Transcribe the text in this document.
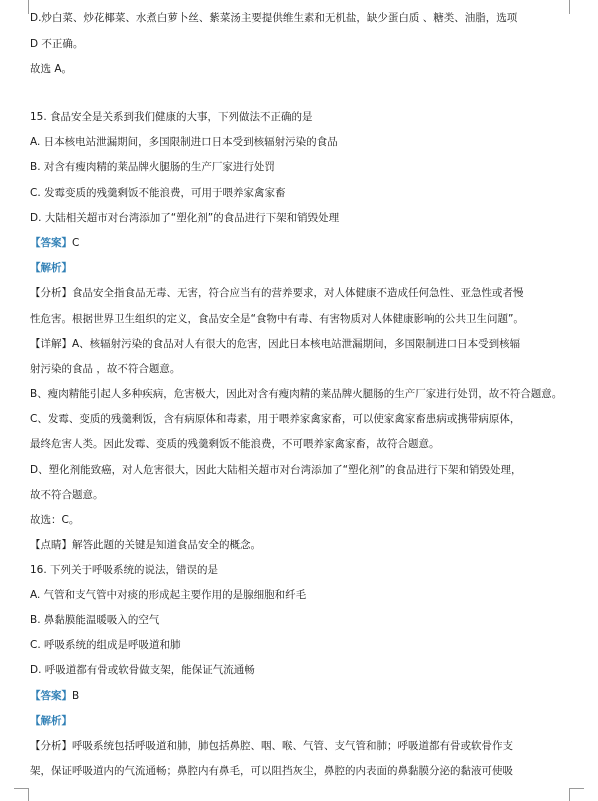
D.炒白菜、炒花椰菜、水煮白萝卜丝、紫菜汤主要提供维生素和无机盐，缺少蛋白质 、糖类、油脂，选项
D 不正确。
故选 A。
15. 食品安全是关系到我们健康的大事，下列做法不正确的是
A. 日本核电站泄漏期间，多国限制进口日本受到核辐射污染的食品
B. 对含有瘦肉精的莱品牌火腿肠的生产厂家进行处罚
C. 发霉变质的残羹剩饭不能浪费，可用于喂养家禽家畜
D. 大陆相关超市对台湾添加了“塑化剂”的食品进行下架和销毁处理
【答案】C
【解析】
【分析】食品安全指食品无毒、无害，符合应当有的营养要求，对人体健康不造成任何急性、亚急性或者慢
性危害。根据世界卫生组织的定义，食品安全是“食物中有毒、有害物质对人体健康影响的公共卫生问题”。
【详解】A、核辐射污染的食品对人有很大的危害，因此日本核电站泄漏期间，多国限制进口日本受到核辐
射污染的食品 ，故不符合题意。
B、瘦肉精能引起人多种疾病，危害极大，因此对含有瘦肉精的莱品牌火腿肠的生产厂家进行处罚，故不符合题意。
C、发霉、变质的残羹剩饭，含有病原体和毒素，用于喂养家禽家畜，可以使家禽家畜患病或携带病原体，
最终危害人类。因此发霉、变质的残羹剩饭不能浪费，不可喂养家禽家畜，故符合题意。
D、塑化剂能致癌，对人危害很大，因此大陆相关超市对台湾添加了“塑化剂”的食品进行下架和销毁处理，
故不符合题意。
故选：C。
【点睛】解答此题的关键是知道食品安全的概念。
16. 下列关于呼吸系统的说法，错误的是
A. 气管和支气管中对痰的形成起主要作用的是腺细胞和纤毛
B. 鼻黏膜能温暖吸入的空气
C. 呼吸系统的组成是呼吸道和肺
D. 呼吸道都有骨或软骨做支架，能保证气流通畅
【答案】B
【解析】
【分析】呼吸系统包括呼吸道和肺，肺包括鼻腔、咽、喉、气管、支气管和肺；呼吸道都有骨或软骨作支
架，保证呼吸道内的气流通畅；鼻腔内有鼻毛，可以阻挡灰尘，鼻腔的内表面的鼻黏膜分泌的黏液可使吸
